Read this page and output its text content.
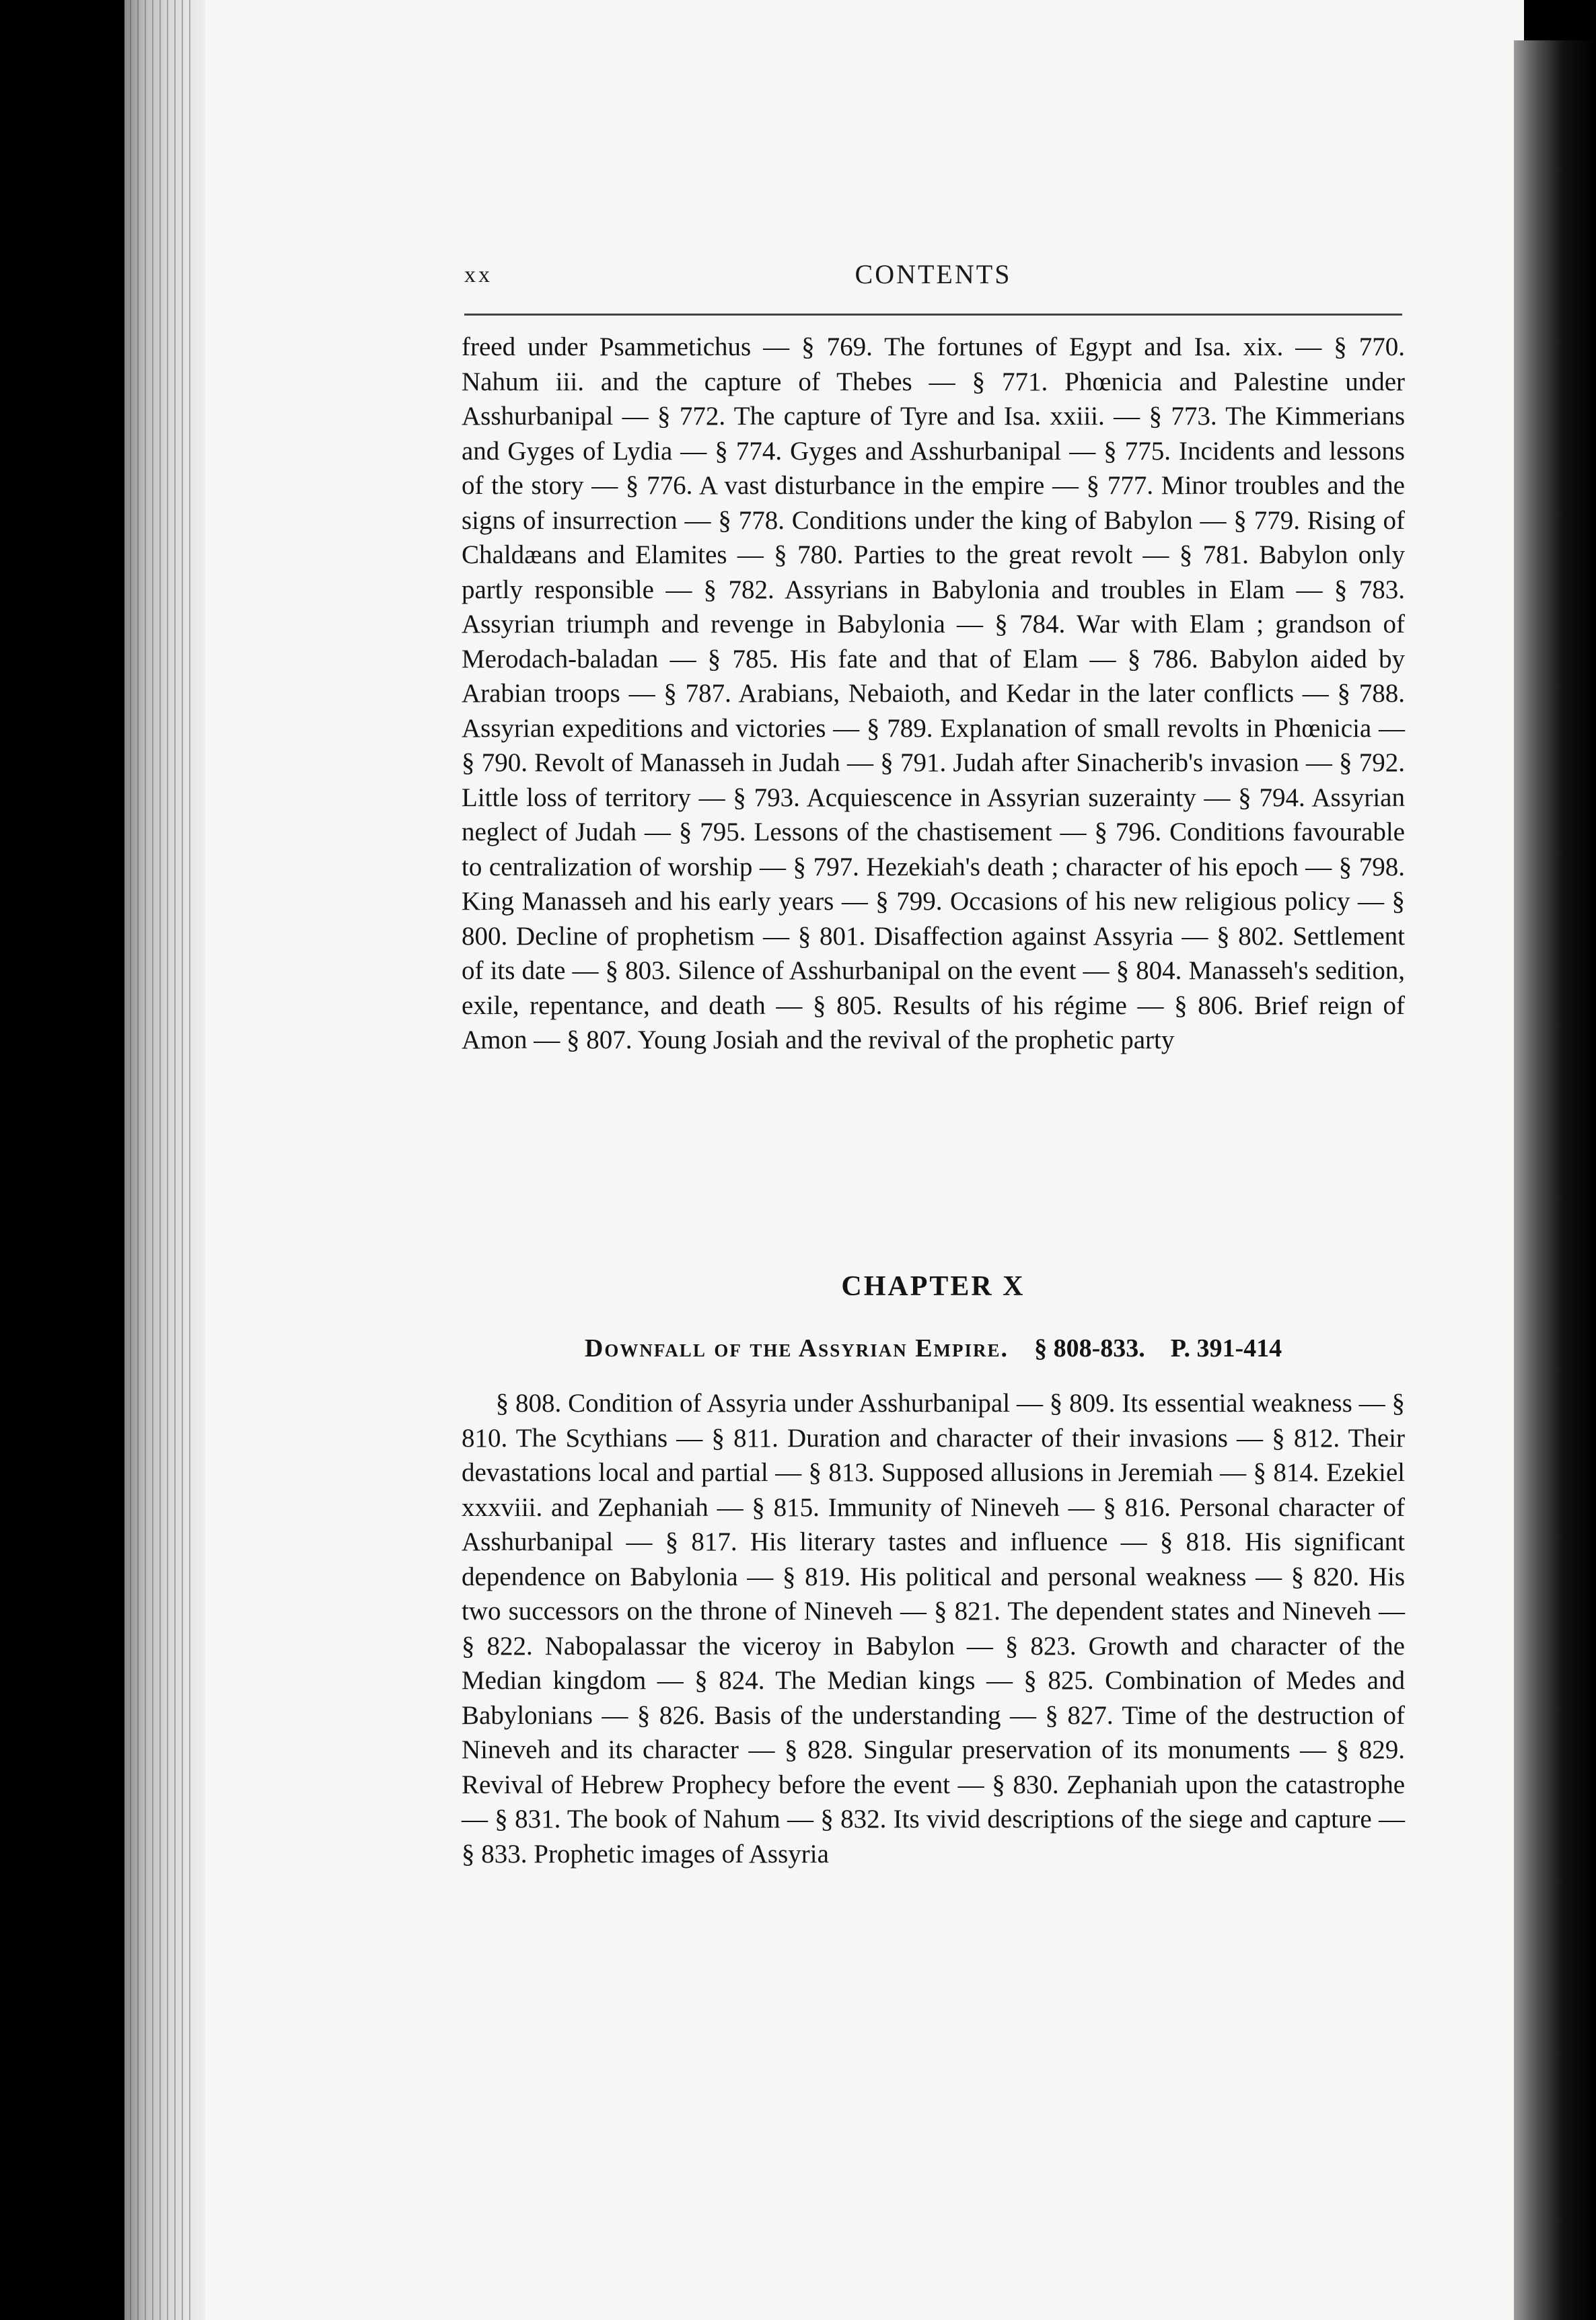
xx	CONTENTS

freed under Psammetichus — § 769. The fortunes of Egypt and Isa. xix. — § 770. Nahum iii. and the capture of Thebes — § 771. Phœnicia and Palestine under Asshurbanipal — § 772. The capture of Tyre and Isa. xxiii. — § 773. The Kimmerians and Gyges of Lydia — § 774. Gyges and Asshurbanipal — § 775. Incidents and lessons of the story — § 776. A vast disturbance in the empire — § 777. Minor troubles and the signs of insurrection — § 778. Conditions under the king of Babylon — § 779. Rising of Chaldæans and Elamites — § 780. Parties to the great revolt — § 781. Babylon only partly responsible — § 782. Assyrians in Babylonia and troubles in Elam — § 783. Assyrian triumph and revenge in Babylonia — § 784. War with Elam ; grandson of Merodach-baladan — § 785. His fate and that of Elam — § 786. Babylon aided by Arabian troops — § 787. Arabians, Nebaioth, and Kedar in the later conflicts — § 788. Assyrian expeditions and victories — § 789. Explanation of small revolts in Phœnicia — § 790. Revolt of Manasseh in Judah — § 791. Judah after Sinacherib's invasion — § 792. Little loss of territory — § 793. Acquiescence in Assyrian suzerainty — § 794. Assyrian neglect of Judah — § 795. Lessons of the chastisement — § 796. Conditions favourable to centralization of worship — § 797. Hezekiah's death ; character of his epoch — § 798. King Manasseh and his early years — § 799. Occasions of his new religious policy — § 800. Decline of prophetism — § 801. Disaffection against Assyria — § 802. Settlement of its date — § 803. Silence of Asshurbanipal on the event — § 804. Manasseh's sedition, exile, repentance, and death — § 805. Results of his régime — § 806. Brief reign of Amon — § 807. Young Josiah and the revival of the prophetic party

CHAPTER X
Downfall of the Assyrian Empire. § 808-833. P. 391-414

§ 808. Condition of Assyria under Asshurbanipal — § 809. Its essential weakness — § 810. The Scythians — § 811. Duration and character of their invasions — § 812. Their devastations local and partial — § 813. Supposed allusions in Jeremiah — § 814. Ezekiel xxxviii. and Zephaniah — § 815. Immunity of Nineveh — § 816. Personal character of Asshurbanipal — § 817. His literary tastes and influence — § 818. His significant dependence on Babylonia — § 819. His political and personal weakness — § 820. His two successors on the throne of Nineveh — § 821. The dependent states and Nineveh — § 822. Nabopalassar the viceroy in Babylon — § 823. Growth and character of the Median kingdom — § 824. The Median kings — § 825. Combination of Medes and Babylonians — § 826. Basis of the understanding — § 827. Time of the destruction of Nineveh and its character — § 828. Singular preservation of its monuments — § 829. Revival of Hebrew Prophecy before the event — § 830. Zephaniah upon the catastrophe — § 831. The book of Nahum — § 832. Its vivid descriptions of the siege and capture — § 833. Prophetic images of Assyria
